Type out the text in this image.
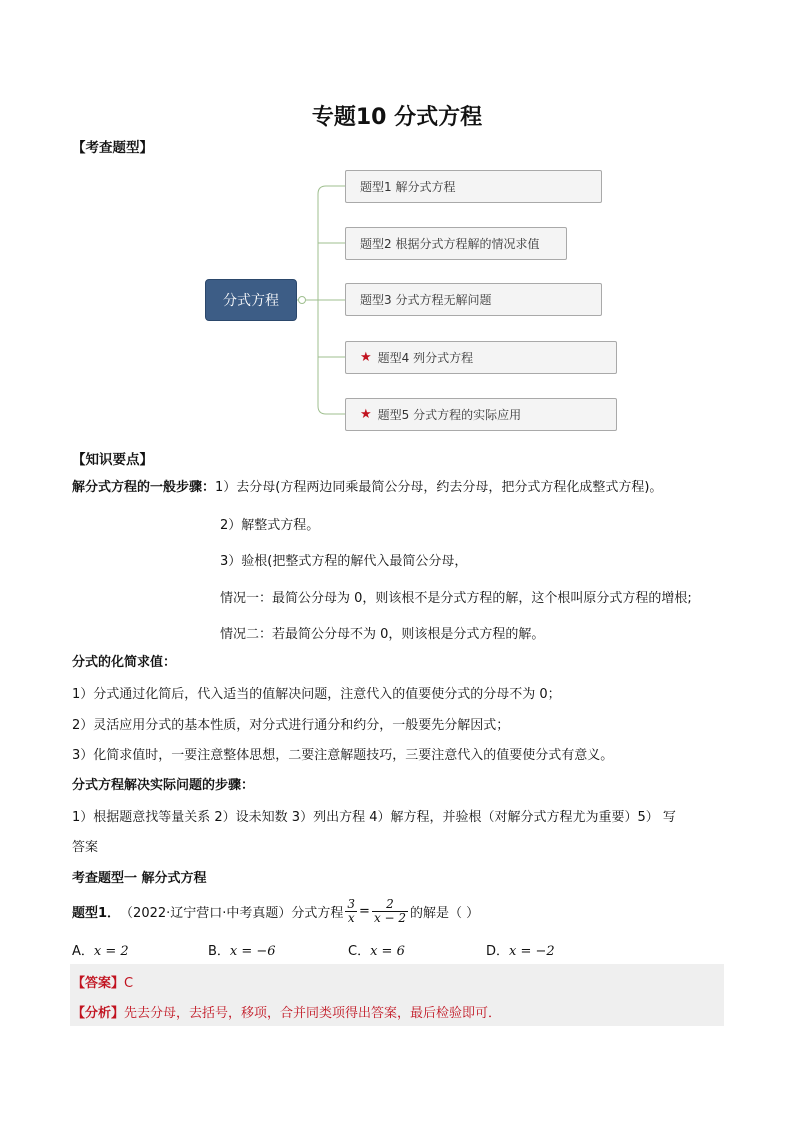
专题10 分式方程
【考查题型】
分式方程
题型1 解分式方程
题型2 根据分式方程解的情况求值
题型3 分式方程无解问题
★ 题型4 列分式方程
★ 题型5 分式方程的实际应用
【知识要点】
解分式方程的一般步骤：1）去分母(方程两边同乘最简公分母，约去分母，把分式方程化成整式方程)。
2）解整式方程。
3）验根(把整式方程的解代入最简公分母，
情况一：最简公分母为 0，则该根不是分式方程的解，这个根叫原分式方程的增根;
情况二：若最简公分母不为 0，则该根是分式方程的解。
分式的化简求值：
1）分式通过化简后，代入适当的值解决问题，注意代入的值要使分式的分母不为 0；
2）灵活应用分式的基本性质，对分式进行通分和约分，一般要先分解因式；
3）化简求值时，一要注意整体思想，二要注意解题技巧，三要注意代入的值要使分式有意义。
分式方程解决实际问题的步骤：
1）根据题意找等量关系 2）设未知数 3）列出方程 4）解方程，并验根（对解分式方程尤为重要）5） 写
答案
考查题型一 解分式方程
题型1． （2022·辽宁营口·中考真题）分式方程 $\frac{3}{x} = \frac{2}{x - 2}$ 的解是（ ）
A．x = 2	B．x = −6	C．x = 6	D．x = −2
【答案】C
【分析】先去分母，去括号，移项，合并同类项得出答案，最后检验即可．
